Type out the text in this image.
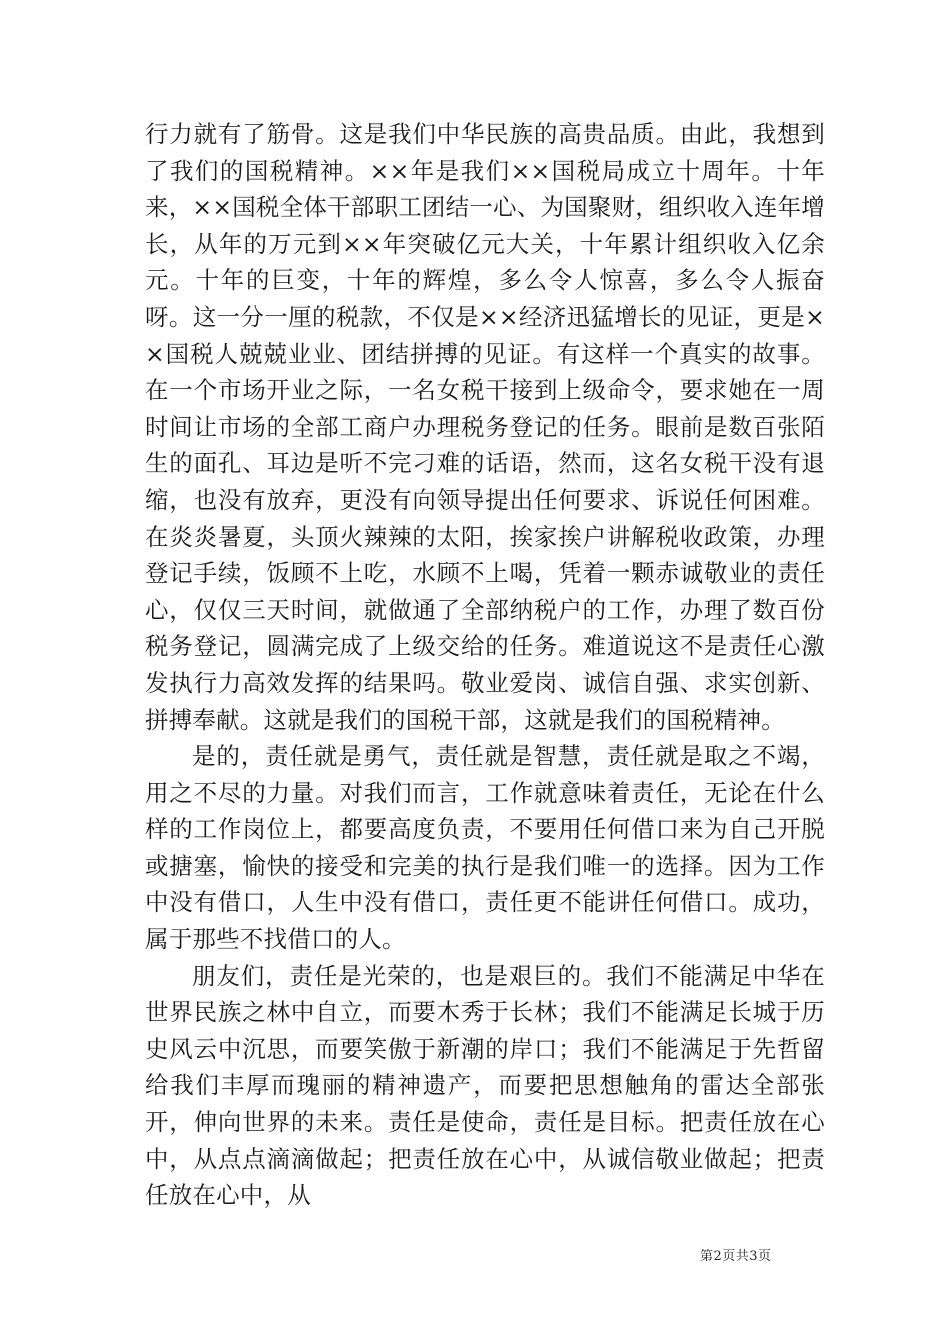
行力就有了筋骨。这是我们中华民族的高贵品质。由此，我想到了我们的国税精神。××年是我们××国税局成立十周年。十年来，××国税全体干部职工团结一心、为国聚财，组织收入连年增长，从年的万元到××年突破亿元大关，十年累计组织收入亿余元。十年的巨变，十年的辉煌，多么令人惊喜，多么令人振奋呀。这一分一厘的税款，不仅是××经济迅猛增长的见证，更是××国税人兢兢业业、团结拼搏的见证。有这样一个真实的故事。在一个市场开业之际，一名女税干接到上级命令，要求她在一周时间让市场的全部工商户办理税务登记的任务。眼前是数百张陌生的面孔、耳边是听不完刁难的话语，然而，这名女税干没有退缩，也没有放弃，更没有向领导提出任何要求、诉说任何困难。在炎炎暑夏，头顶火辣辣的太阳，挨家挨户讲解税收政策，办理登记手续，饭顾不上吃，水顾不上喝，凭着一颗赤诚敬业的责任心，仅仅三天时间，就做通了全部纳税户的工作，办理了数百份税务登记，圆满完成了上级交给的任务。难道说这不是责任心激发执行力高效发挥的结果吗。敬业爱岗、诚信自强、求实创新、拼搏奉献。这就是我们的国税干部，这就是我们的国税精神。

是的，责任就是勇气，责任就是智慧，责任就是取之不竭，用之不尽的力量。对我们而言，工作就意味着责任，无论在什么样的工作岗位上，都要高度负责，不要用任何借口来为自己开脱或搪塞，愉快的接受和完美的执行是我们唯一的选择。因为工作中没有借口，人生中没有借口，责任更不能讲任何借口。成功，属于那些不找借口的人。

朋友们，责任是光荣的，也是艰巨的。我们不能满足中华在世界民族之林中自立，而要木秀于长林；我们不能满足长城于历史风云中沉思，而要笑傲于新潮的岸口；我们不能满足于先哲留给我们丰厚而瑰丽的精神遗产，而要把思想触角的雷达全部张开，伸向世界的未来。责任是使命，责任是目标。把责任放在心中，从点点滴滴做起；把责任放在心中，从诚信敬业做起；把责任放在心中，从

第2页共3页
